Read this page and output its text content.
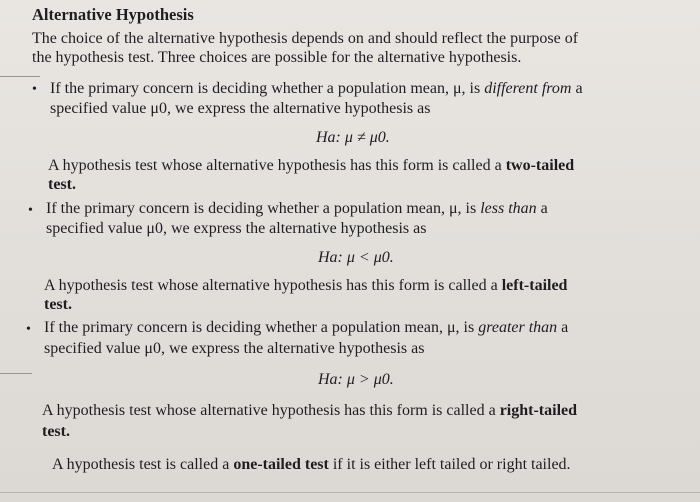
Alternative Hypothesis
The choice of the alternative hypothesis depends on and should reflect the purpose of
the hypothesis test. Three choices are possible for the alternative hypothesis.
• If the primary concern is deciding whether a population mean, μ, is different from a
specified value μ0, we express the alternative hypothesis as
Ha: μ ≠ μ0.
A hypothesis test whose alternative hypothesis has this form is called a two-tailed
test.
• If the primary concern is deciding whether a population mean, μ, is less than a
specified value μ0, we express the alternative hypothesis as
Ha: μ < μ0.
A hypothesis test whose alternative hypothesis has this form is called a left-tailed
test.
• If the primary concern is deciding whether a population mean, μ, is greater than a
specified value μ0, we express the alternative hypothesis as
Ha: μ > μ0.
A hypothesis test whose alternative hypothesis has this form is called a right-tailed
test.
A hypothesis test is called a one-tailed test if it is either left tailed or right tailed.
